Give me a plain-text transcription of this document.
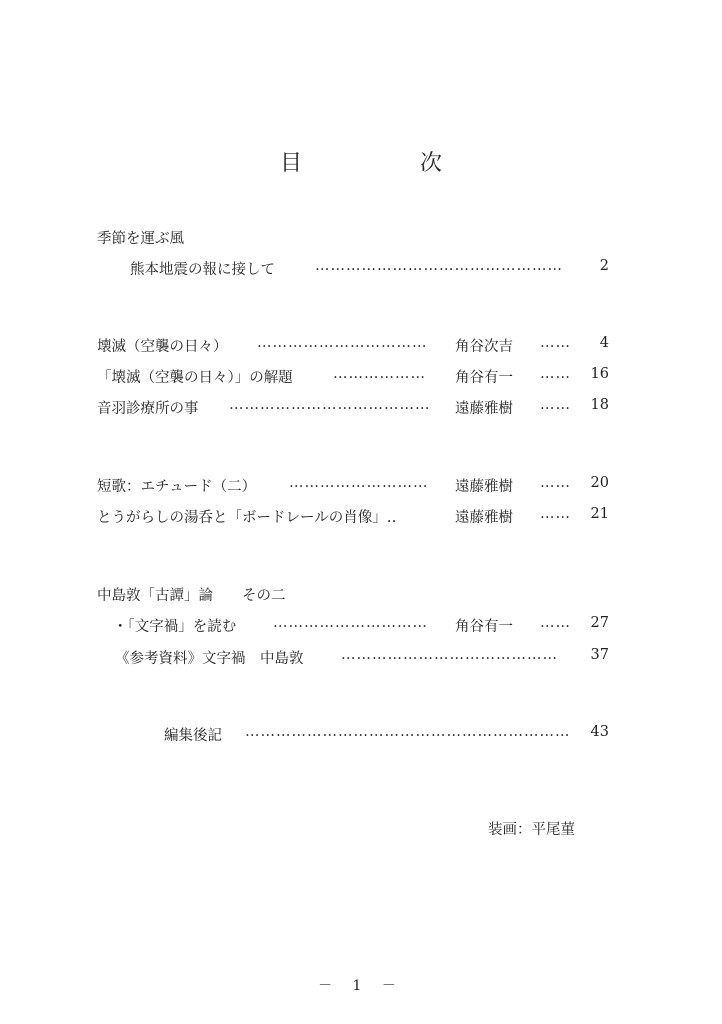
目　次
季節を運ぶ風
熊本地震の報に接して	…………………………………………	2
壊滅（空襲の日々） ……………………………	角谷次吉 ……	4
「壊滅（空襲の日々）」の解題	………………	角谷有一 ……	16
音羽診療所の事 …………………………………	遠藤雅樹 ……	18
短歌：エチュード（二） ………………………	遠藤雅樹 ……	20
とうがらしの湯呑と「ボードレールの肖像」‥	遠藤雅樹 ……	21
中島敦「古譚」論　　その二
・「文字禍」を読む	…………………………	角谷有一 ……	27
《参考資料》文字禍　中島敦	……………………………………	37
編集後記 ………………………………………………………	43
装画：平尾菫
－ 1 －
